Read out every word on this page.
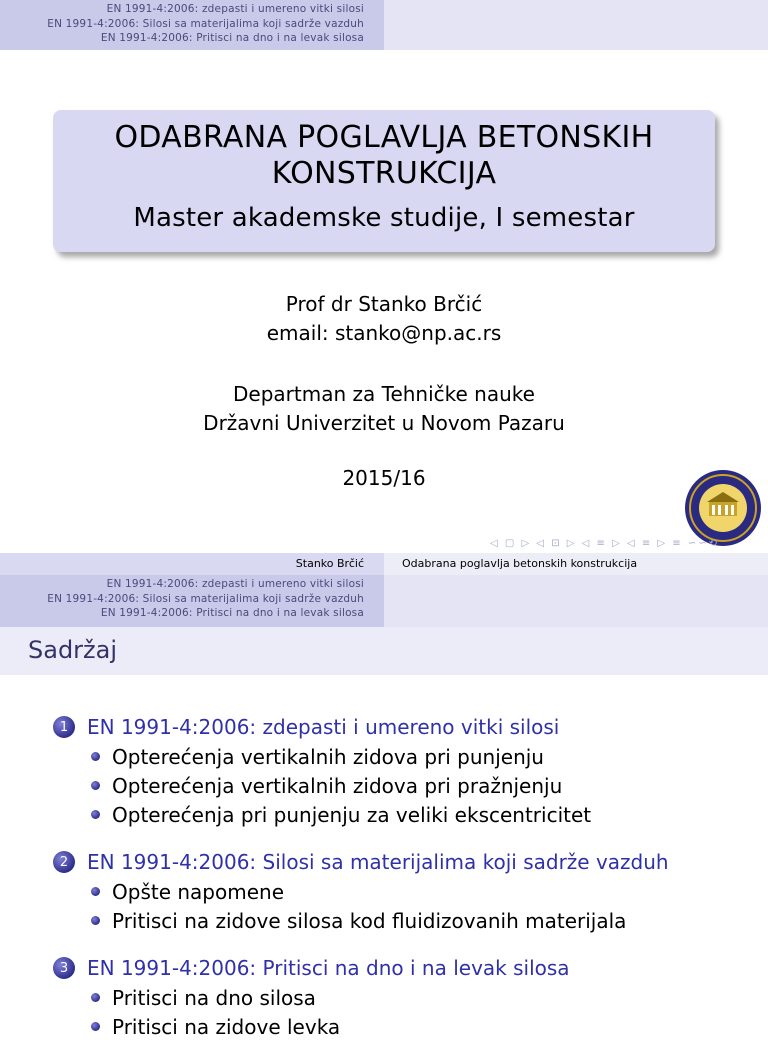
EN 1991-4:2006: zdepasti i umereno vitki silosi
EN 1991-4:2006: Silosi sa materijalima koji sadrže vazduh
EN 1991-4:2006: Pritisci na dno i na levak silosa
ODABRANA POGLAVLJA BETONSKIH KONSTRUKCIJA
Master akademske studije, I semestar
Prof dr Stanko Brčić
email: stanko@np.ac.rs
Departman za Tehničke nauke
Državni Univerzitet u Novom Pazaru
2015/16
◁ ▢ ▷ ◁ ⊡ ▷ ◁ ≡ ▷ ◁ ≡ ▷ ≡ ∽∽⟲
Stanko Brčić	Odabrana poglavlja betonskih konstrukcija
EN 1991-4:2006: zdepasti i umereno vitki silosi
EN 1991-4:2006: Silosi sa materijalima koji sadrže vazduh
EN 1991-4:2006: Pritisci na dno i na levak silosa
Sadržaj
1 EN 1991-4:2006: zdepasti i umereno vitki silosi
Opterećenja vertikalnih zidova pri punjenju
Opterećenja vertikalnih zidova pri pražnjenju
Opterećenja pri punjenju za veliki ekscentricitet
2 EN 1991-4:2006: Silosi sa materijalima koji sadrže vazduh
Opšte napomene
Pritisci na zidove silosa kod fluidizovanih materijala
3 EN 1991-4:2006: Pritisci na dno i na levak silosa
Pritisci na dno silosa
Pritisci na zidove levka
